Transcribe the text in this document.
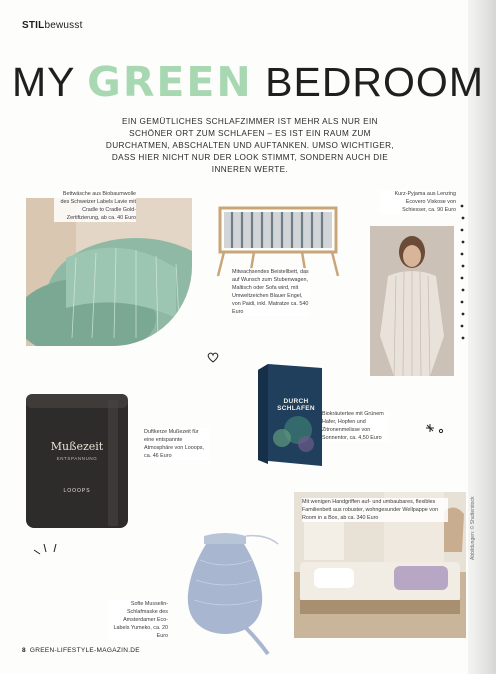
STILbewusst
MY GREEN BEDROOM
EIN GEMÜTLICHES SCHLAFZIMMER IST MEHR ALS NUR EIN SCHÖNER ORT ZUM SCHLAFEN – ES IST EIN RAUM ZUM DURCHATMEN, ABSCHALTEN UND AUFTANKEN. UMSO WICHTIGER, DASS HIER NICHT NUR DER LOOK STIMMT, SONDERN AUCH DIE INNEREN WERTE.
Bettwäsche aus Biobaumwolle des Schweizer Labels Lavie mit Cradle to Cradle Gold-Zertifizierung, ab ca. 40 Euro
Mitwachsendes Beistellbett, das auf Wunsch zum Stubenwagen, Maltisch oder Sofa wird, mit Umweltzeichen Blauer Engel, von Paidi, inkl. Matratze ca. 540 Euro
Kurz-Pyjama aus Lenzing Ecovero Viskose von Schiesser, ca. 90 Euro
Mußezeit
ENTSPANNUNG
LOOOPS
Duftkerze Mußezeit für eine entspannte Atmosphäre von Looops, ca. 46 Euro
DURCH
SCHLAFEN
Biokräutertee mit Grünem Hafer, Hopfen und Zitronenmelisse von Sonnentor, ca. 4,50 Euro
Mit wenigen Handgriffen auf- und umbaubares, flexibles Familienbett aus robuster, wohngesunder Wellpappe von Room in a Box, ab ca. 340 Euro
Softe Musselin-Schlafmaske des Amsterdamer Eco-Labels Yumeko, ca. 20 Euro
Abbildungen: © Shutterstock
8 GREEN-LIFESTYLE-MAGAZIN.DE
